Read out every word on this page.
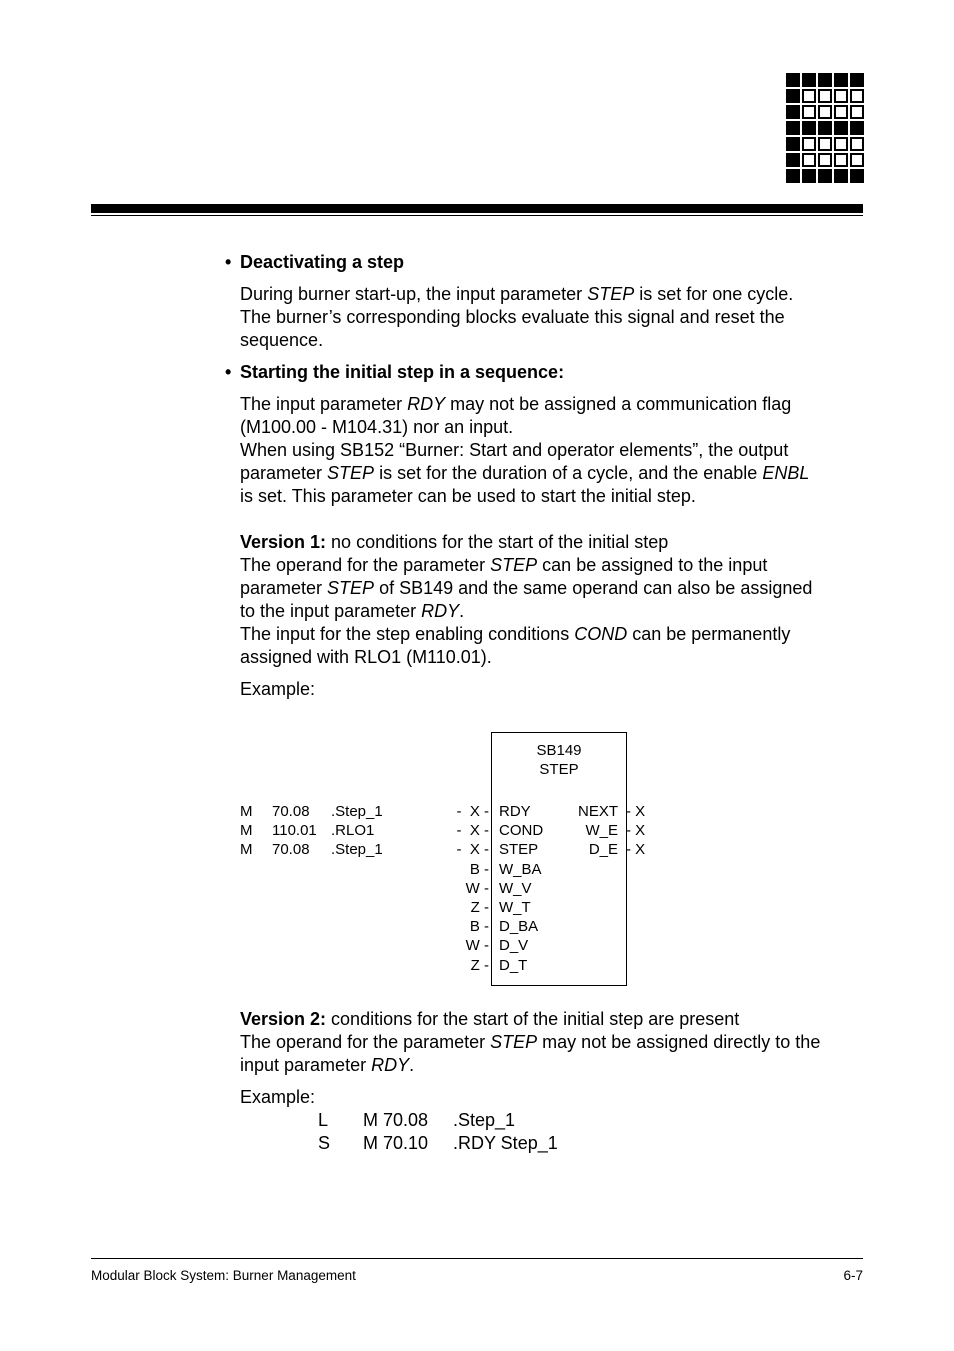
• Deactivating a step
During burner start-up, the input parameter STEP is set for one cycle.
The burner’s corresponding blocks evaluate this signal and reset the
sequence.
• Starting the initial step in a sequence:
The input parameter RDY may not be assigned a communication flag
(M100.00 - M104.31) nor an input.
When using SB152 “Burner: Start and operator elements”, the output
parameter STEP is set for the duration of a cycle, and the enable ENBL
is set. This parameter can be used to start the initial step.
Version 1: no conditions for the start of the initial step
The operand for the parameter STEP can be assigned to the input
parameter STEP of SB149 and the same operand can also be assigned
to the input parameter RDY.
The input for the step enabling conditions COND can be permanently
assigned with RLO1 (M110.01).
Example:
SB149
STEP
M 70.08 .Step_1
M 110.01 .RLO1
M 70.08 .Step_1
-  X - RDY
-  X - COND
-  X - STEP
B - W_BA
W - W_V
Z - W_T
B - D_BA
W - D_V
Z - D_T
NEXT - X
W_E - X
D_E - X
Version 2: conditions for the start of the initial step are present
The operand for the parameter STEP may not be assigned directly to the
input parameter RDY.
Example:
L M 70.08 .Step_1
S M 70.10 .RDY Step_1
Modular Block System: Burner Management	6-7
